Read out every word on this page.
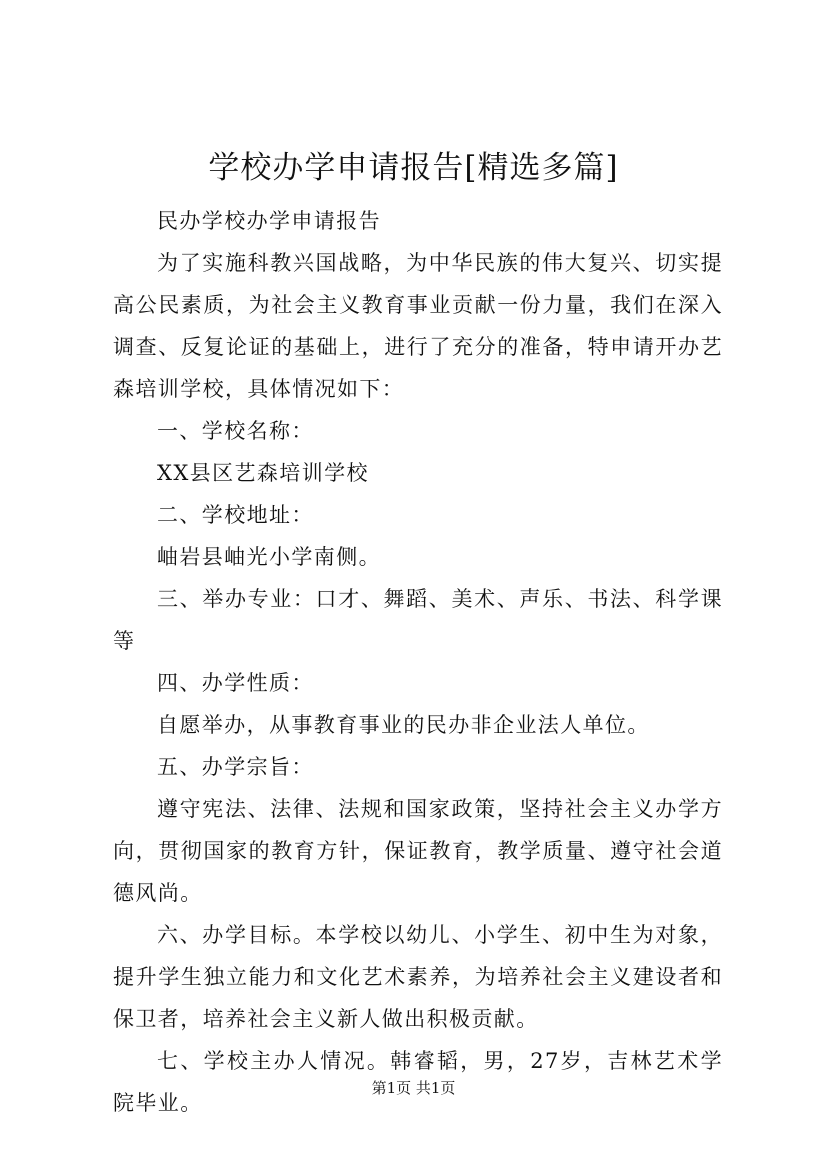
学校办学申请报告[精选多篇]

民办学校办学申请报告

为了实施科教兴国战略，为中华民族的伟大复兴、切实提高公民素质，为社会主义教育事业贡献一份力量，我们在深入调查、反复论证的基础上，进行了充分的准备，特申请开办艺森培训学校，具体情况如下：

一、学校名称：

XX县区艺森培训学校

二、学校地址：

岫岩县岫光小学南侧。

三、举办专业：口才、舞蹈、美术、声乐、书法、科学课等

四、办学性质：

自愿举办，从事教育事业的民办非企业法人单位。

五、办学宗旨：

遵守宪法、法律、法规和国家政策，坚持社会主义办学方向，贯彻国家的教育方针，保证教育，教学质量、遵守社会道德风尚。

六、办学目标。本学校以幼儿、小学生、初中生为对象，提升学生独立能力和文化艺术素养，为培养社会主义建设者和保卫者，培养社会主义新人做出积极贡献。

七、学校主办人情况。韩睿韬，男，27岁，吉林艺术学院毕业。

第1页 共1页
